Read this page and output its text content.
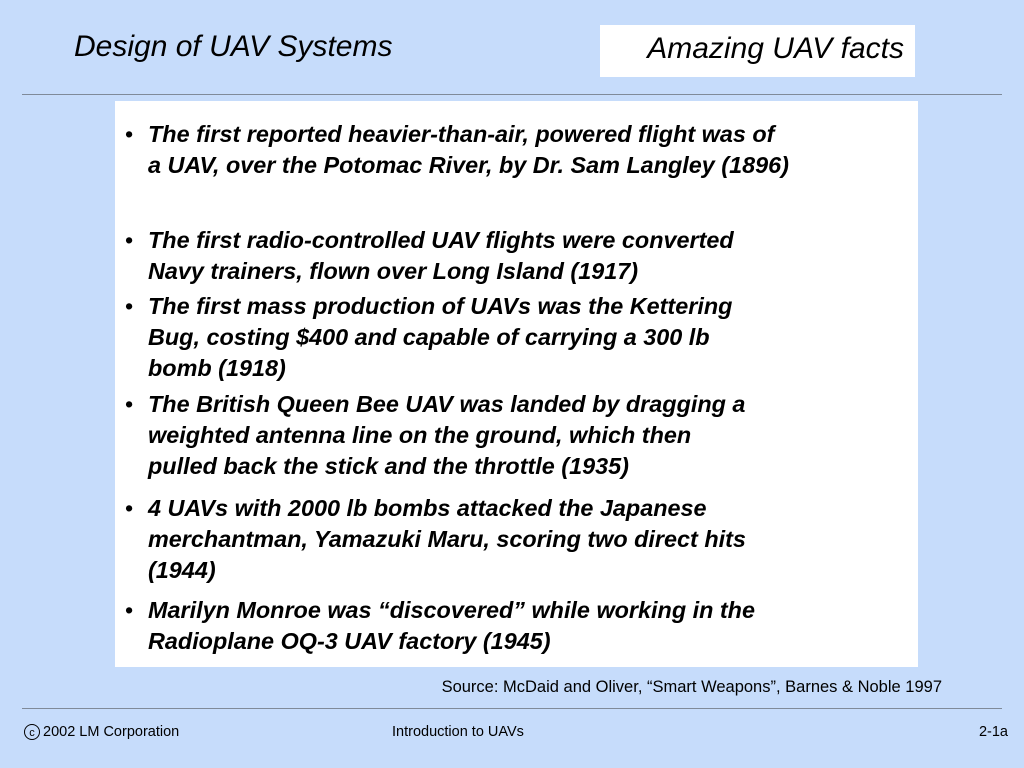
Design of UAV Systems	Amazing UAV facts
• The first reported heavier-than-air, powered flight was of
a UAV, over the Potomac River, by Dr. Sam Langley (1896)
• The first radio-controlled UAV flights were converted
Navy trainers, flown over Long Island (1917)
• The first mass production of UAVs was the Kettering
Bug, costing $400 and capable of carrying a 300 lb
bomb (1918)
• The British Queen Bee UAV was landed by dragging a
weighted antenna line on the ground, which then
pulled back the stick and the throttle (1935)
• 4 UAVs with 2000 lb bombs attacked the Japanese
merchantman, Yamazuki Maru, scoring two direct hits
(1944)
• Marilyn Monroe was “discovered” while working in the
Radioplane OQ-3 UAV factory (1945)
Source: McDaid and Oliver, “Smart Weapons”, Barnes & Noble 1997
c 2002 LM Corporation	Introduction to UAVs	2-1a
